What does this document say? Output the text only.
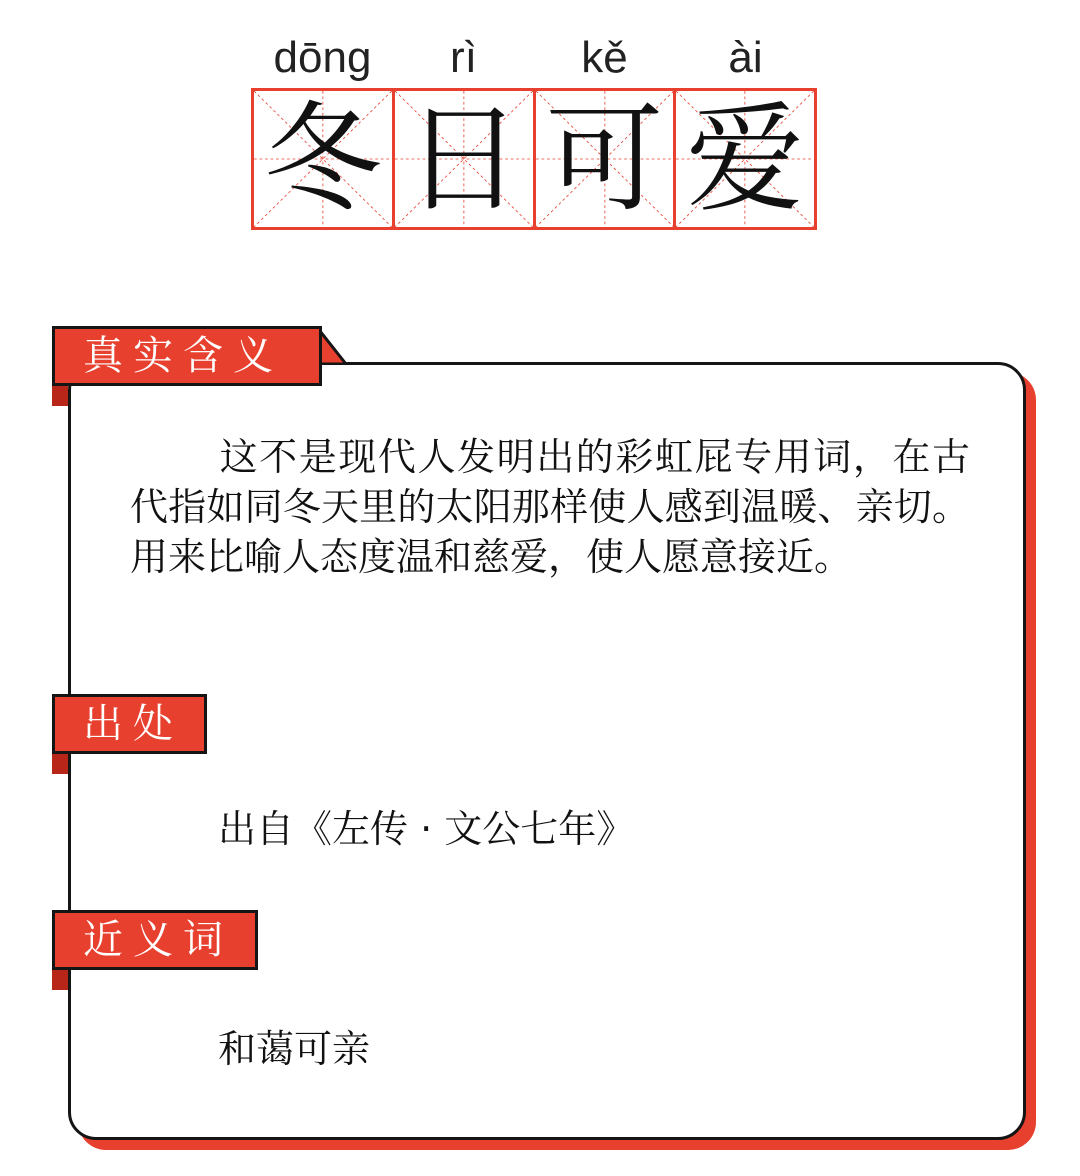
dōng	rì	kě	ài
冬 日 可 爱
真实含义
这不是现代人发明出的彩虹屁专用词，在古代指如同冬天里的太阳那样使人感到温暖、亲切。用来比喻人态度温和慈爱，使人愿意接近。
出处
出自《左传 · 文公七年》
近义词
和蔼可亲
